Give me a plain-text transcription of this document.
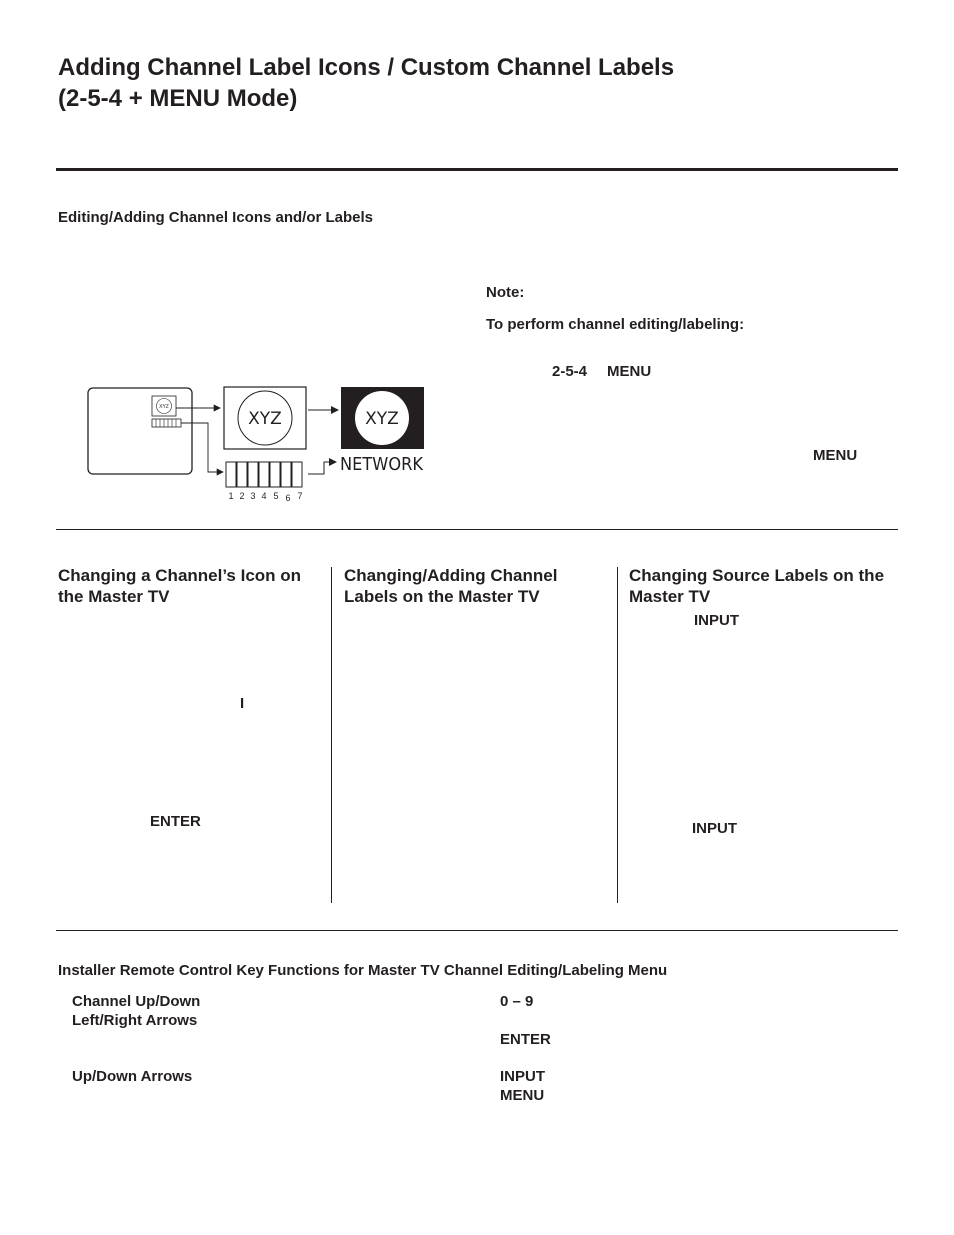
Adding Channel Label Icons / Custom Channel Labels
(2-5-4 + MENU Mode)
Editing/Adding Channel Icons and/or Labels
Note:
To perform channel editing/labeling:
2-5-4 MENU
MENU
XYZ
XYZ	XYZ
1 2 3 4 5 6 7
NETWORK

Changing a Channel’s Icon on
the Master TV

I
ENTER

Changing/Adding Channel
Labels on the Master TV

Changing Source Labels on the
Master TV

INPUT
INPUT
Installer Remote Control Key Functions for Master TV Channel Editing/Labeling Menu
Channel Up/Down
Left/Right Arrows
Up/Down Arrows
0 – 9
ENTER
INPUT
MENU
